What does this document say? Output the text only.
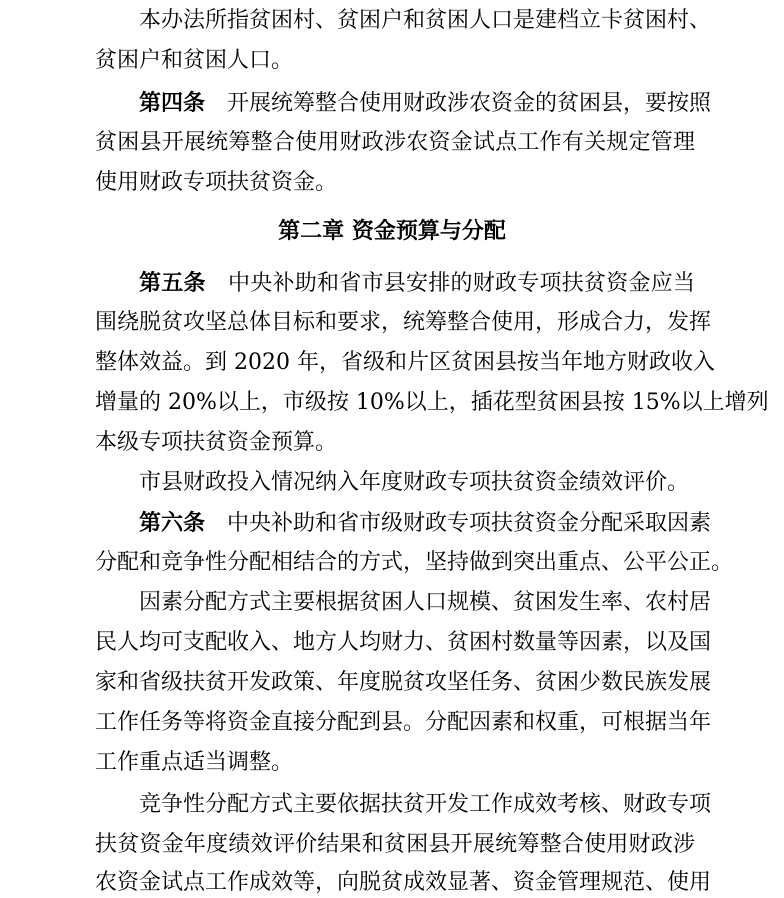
本办法所指贫困村、贫困户和贫困人口是建档立卡贫困村、
贫困户和贫困人口。
第四条 开展统筹整合使用财政涉农资金的贫困县，要按照
贫困县开展统筹整合使用财政涉农资金试点工作有关规定管理
使用财政专项扶贫资金。
第二章 资金预算与分配
第五条 中央补助和省市县安排的财政专项扶贫资金应当
围绕脱贫攻坚总体目标和要求，统筹整合使用，形成合力，发挥
整体效益。到 2020 年，省级和片区贫困县按当年地方财政收入
增量的 20%以上，市级按 10%以上，插花型贫困县按 15%以上增列
本级专项扶贫资金预算。
市县财政投入情况纳入年度财政专项扶贫资金绩效评价。
第六条 中央补助和省市级财政专项扶贫资金分配采取因素
分配和竞争性分配相结合的方式，坚持做到突出重点、公平公正。
因素分配方式主要根据贫困人口规模、贫困发生率、农村居
民人均可支配收入、地方人均财力、贫困村数量等因素，以及国
家和省级扶贫开发政策、年度脱贫攻坚任务、贫困少数民族发展
工作任务等将资金直接分配到县。分配因素和权重，可根据当年
工作重点适当调整。
竞争性分配方式主要依据扶贫开发工作成效考核、财政专项
扶贫资金年度绩效评价结果和贫困县开展统筹整合使用财政涉
农资金试点工作成效等，向脱贫成效显著、资金管理规范、使用
